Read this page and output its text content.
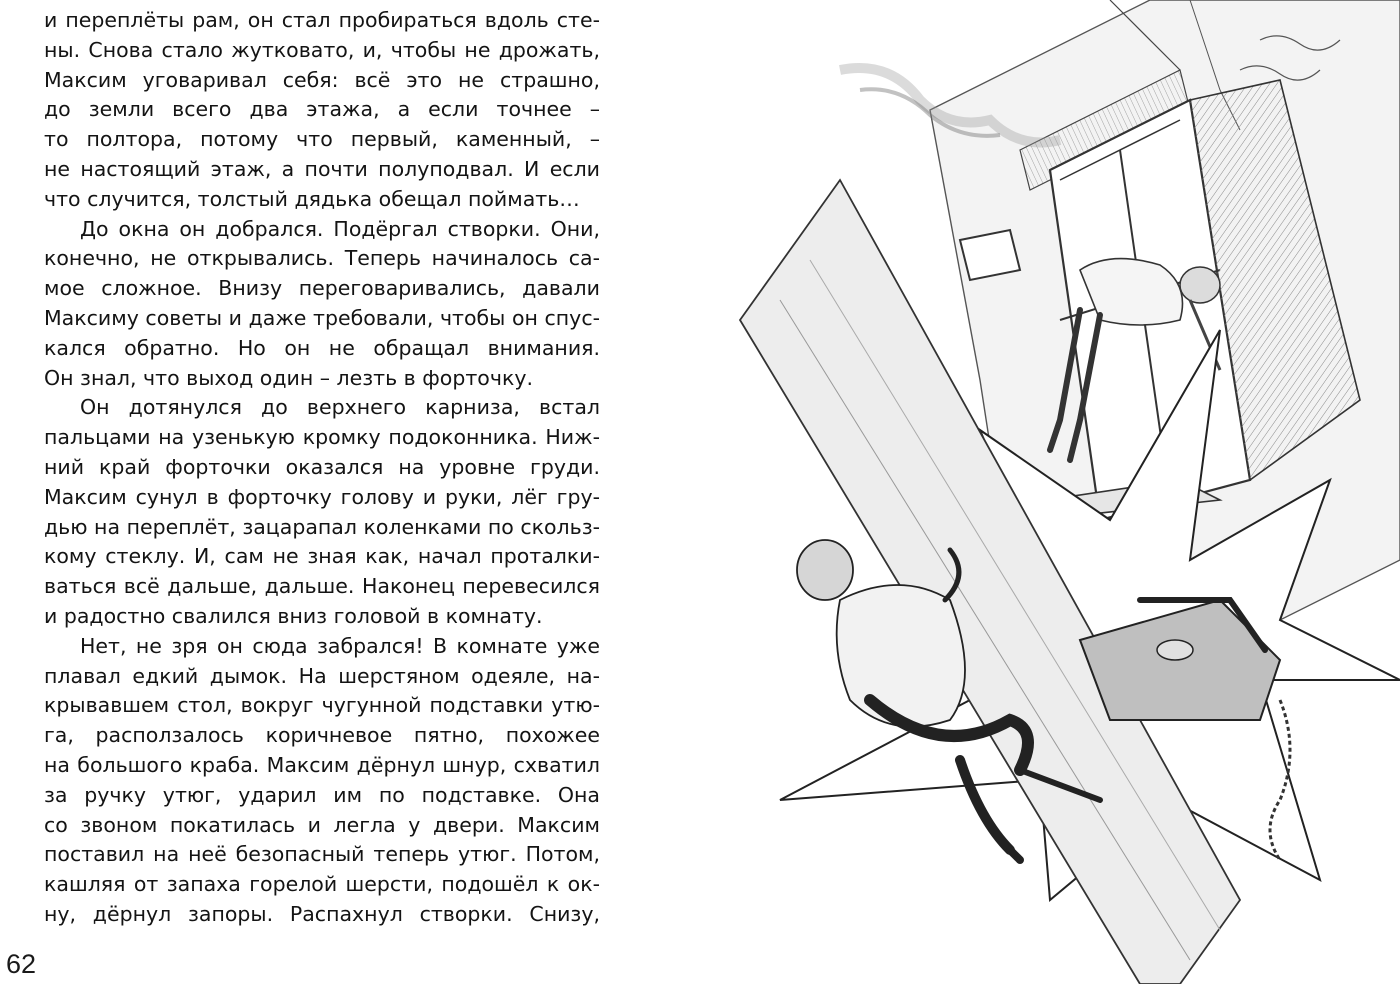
и переплёты рам, он стал пробираться вдоль сте-
ны. Снова стало жутковато, и, чтобы не дрожать,
Максим уговаривал себя: всё это не страшно,
до земли всего два этажа, а если точнее –
то полтора, потому что первый, каменный, –
не настоящий этаж, а почти полуподвал. И если
что случится, толстый дядька обещал поймать…
До окна он добрался. Подёргал створки. Они,
конечно, не открывались. Теперь начиналось са-
мое сложное. Внизу переговаривались, давали
Максиму советы и даже требовали, чтобы он спус-
кался обратно. Но он не обращал внимания.
Он знал, что выход один – лезть в форточку.
Он дотянулся до верхнего карниза, встал
пальцами на узенькую кромку подоконника. Ниж-
ний край форточки оказался на уровне груди.
Максим сунул в форточку голову и руки, лёг гру-
дью на переплёт, зацарапал коленками по скольз-
кому стеклу. И, сам не зная как, начал проталки-
ваться всё дальше, дальше. Наконец перевесился
и радостно свалился вниз головой в комнату.
Нет, не зря он сюда забрался! В комнате уже
плавал едкий дымок. На шерстяном одеяле, на-
крывавшем стол, вокруг чугунной подставки утю-
га, расползалось коричневое пятно, похожее
на большого краба. Максим дёрнул шнур, схватил
за ручку утюг, ударил им по подставке. Она
со звоном покатилась и легла у двери. Максим
поставил на неё безопасный теперь утюг. Потом,
кашляя от запаха горелой шерсти, подошёл к ок-
ну, дёрнул запоры. Распахнул створки. Снизу,
62
